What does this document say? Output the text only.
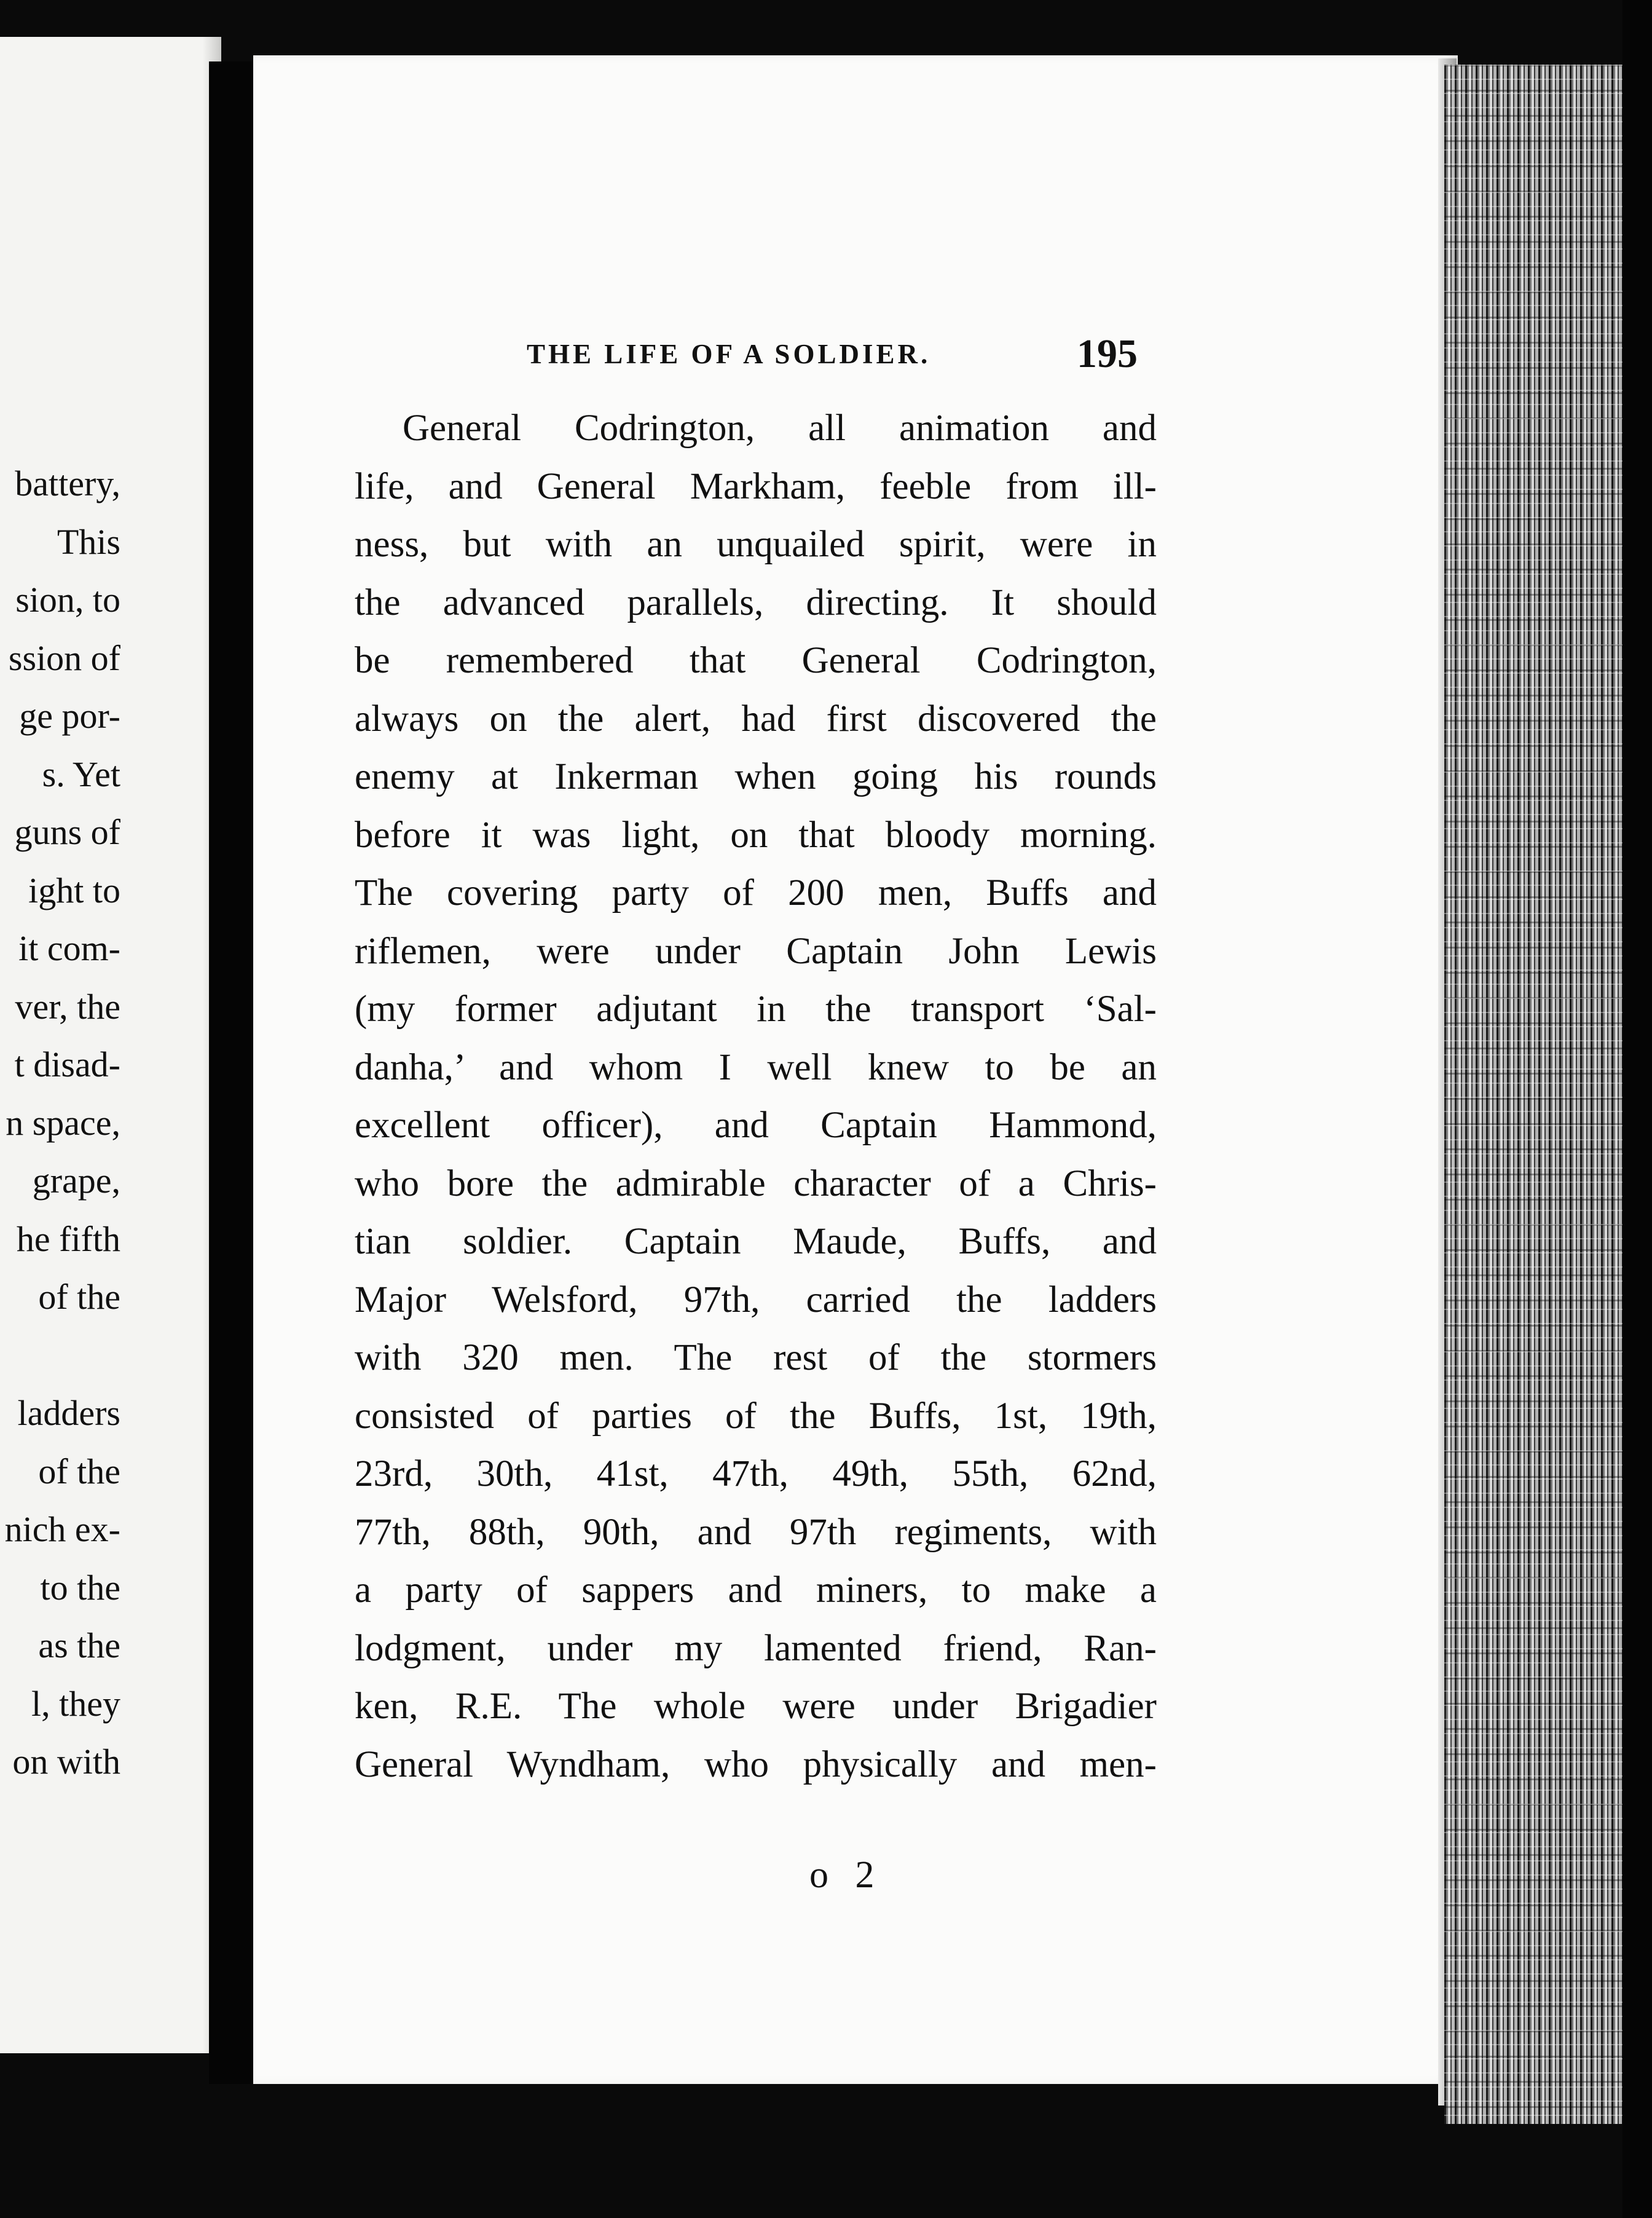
battery,
This
sion, to
ssion of
ge por-
s. Yet
guns of
ight to
it com-
ver, the
t disad-
n space,
grape,
he fifth
of the
ladders
of the
nich ex-
to the
as the
l, they
on with
THE LIFE OF A SOLDIER.	195
General Codrington, all animation and
life, and General Markham, feeble from ill-
ness, but with an unquailed spirit, were in
the advanced parallels, directing. It should
be remembered that General Codrington,
always on the alert, had first discovered the
enemy at Inkerman when going his rounds
before it was light, on that bloody morning.
The covering party of 200 men, Buffs and
riflemen, were under Captain John Lewis
(my former adjutant in the transport ‘Sal-
danha,’ and whom I well knew to be an
excellent officer), and Captain Hammond,
who bore the admirable character of a Chris-
tian soldier. Captain Maude, Buffs, and
Major Welsford, 97th, carried the ladders
with 320 men. The rest of the stormers
consisted of parties of the Buffs, 1st, 19th,
23rd, 30th, 41st, 47th, 49th, 55th, 62nd,
77th, 88th, 90th, and 97th regiments, with
a party of sappers and miners, to make a
lodgment, under my lamented friend, Ran-
ken, R.E. The whole were under Brigadier
General Wyndham, who physically and men-
o 2
